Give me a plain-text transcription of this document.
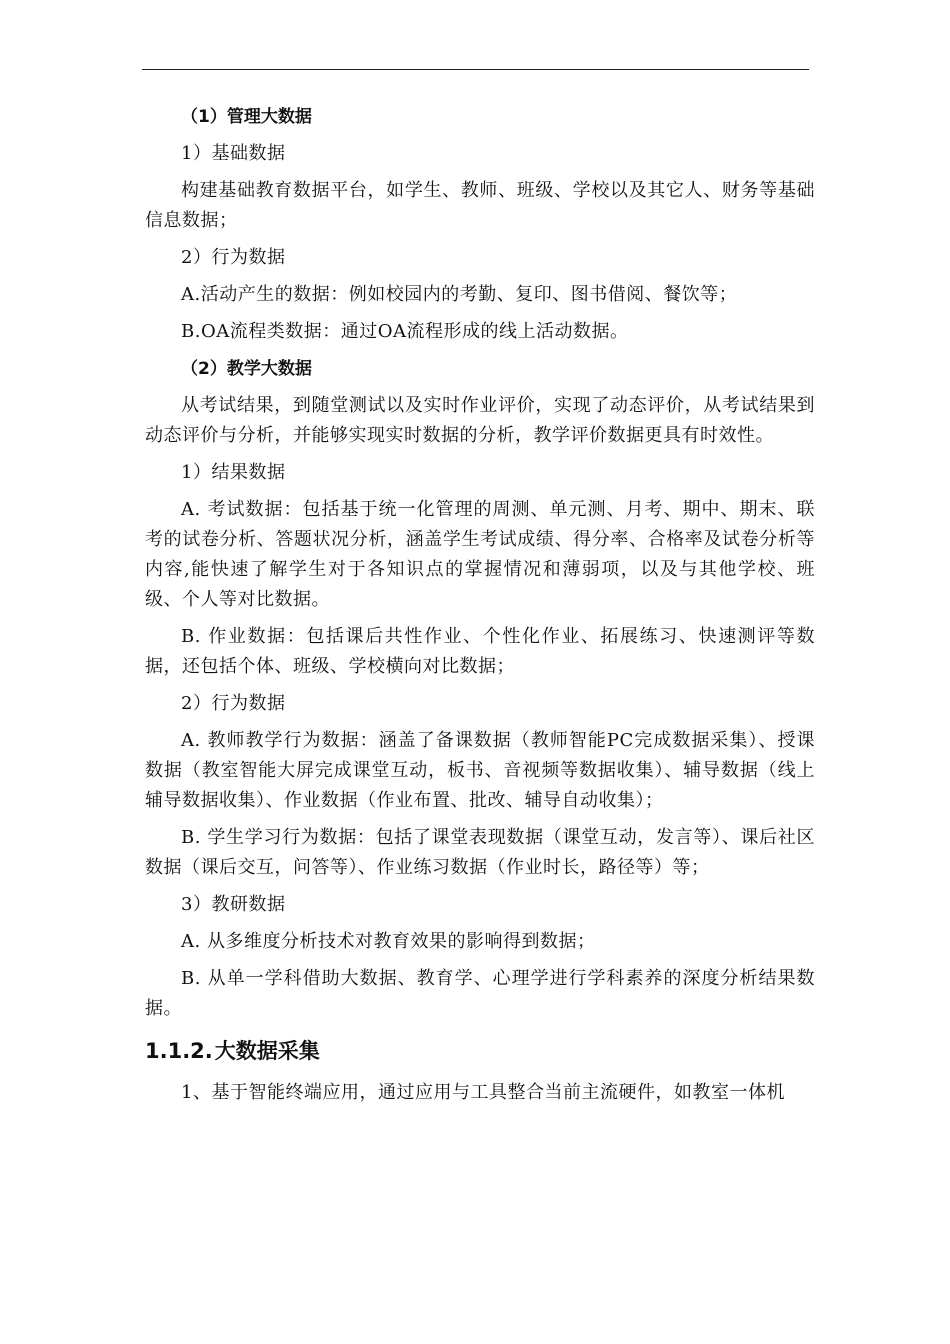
（1）管理大数据

1）基础数据

构建基础教育数据平台，如学生、教师、班级、学校以及其它人、财务等基础信息数据；

2）行为数据

A.活动产生的数据：例如校园内的考勤、复印、图书借阅、餐饮等；

B.OA流程类数据：通过OA流程形成的线上活动数据。

（2）教学大数据

从考试结果，到随堂测试以及实时作业评价，实现了动态评价，从考试结果到动态评价与分析，并能够实现实时数据的分析，教学评价数据更具有时效性。

1）结果数据

A. 考试数据：包括基于统一化管理的周测、单元测、月考、期中、期末、联考的试卷分析、答题状况分析，涵盖学生考试成绩、得分率、合格率及试卷分析等内容,能快速了解学生对于各知识点的掌握情况和薄弱项，以及与其他学校、班级、个人等对比数据。

B. 作业数据：包括课后共性作业、个性化作业、拓展练习、快速测评等数据，还包括个体、班级、学校横向对比数据；

2）行为数据

A. 教师教学行为数据：涵盖了备课数据（教师智能PC完成数据采集）、授课数据（教室智能大屏完成课堂互动，板书、音视频等数据收集）、辅导数据（线上辅导数据收集）、作业数据（作业布置、批改、辅导自动收集）；

B. 学生学习行为数据：包括了课堂表现数据（课堂互动，发言等）、课后社区数据（课后交互，问答等）、作业练习数据（作业时长，路径等）等；

3）教研数据

A. 从多维度分析技术对教育效果的影响得到数据；

B. 从单一学科借助大数据、教育学、心理学进行学科素养的深度分析结果数据。

1.1.2.大数据采集

1、基于智能终端应用，通过应用与工具整合当前主流硬件，如教室一体机
